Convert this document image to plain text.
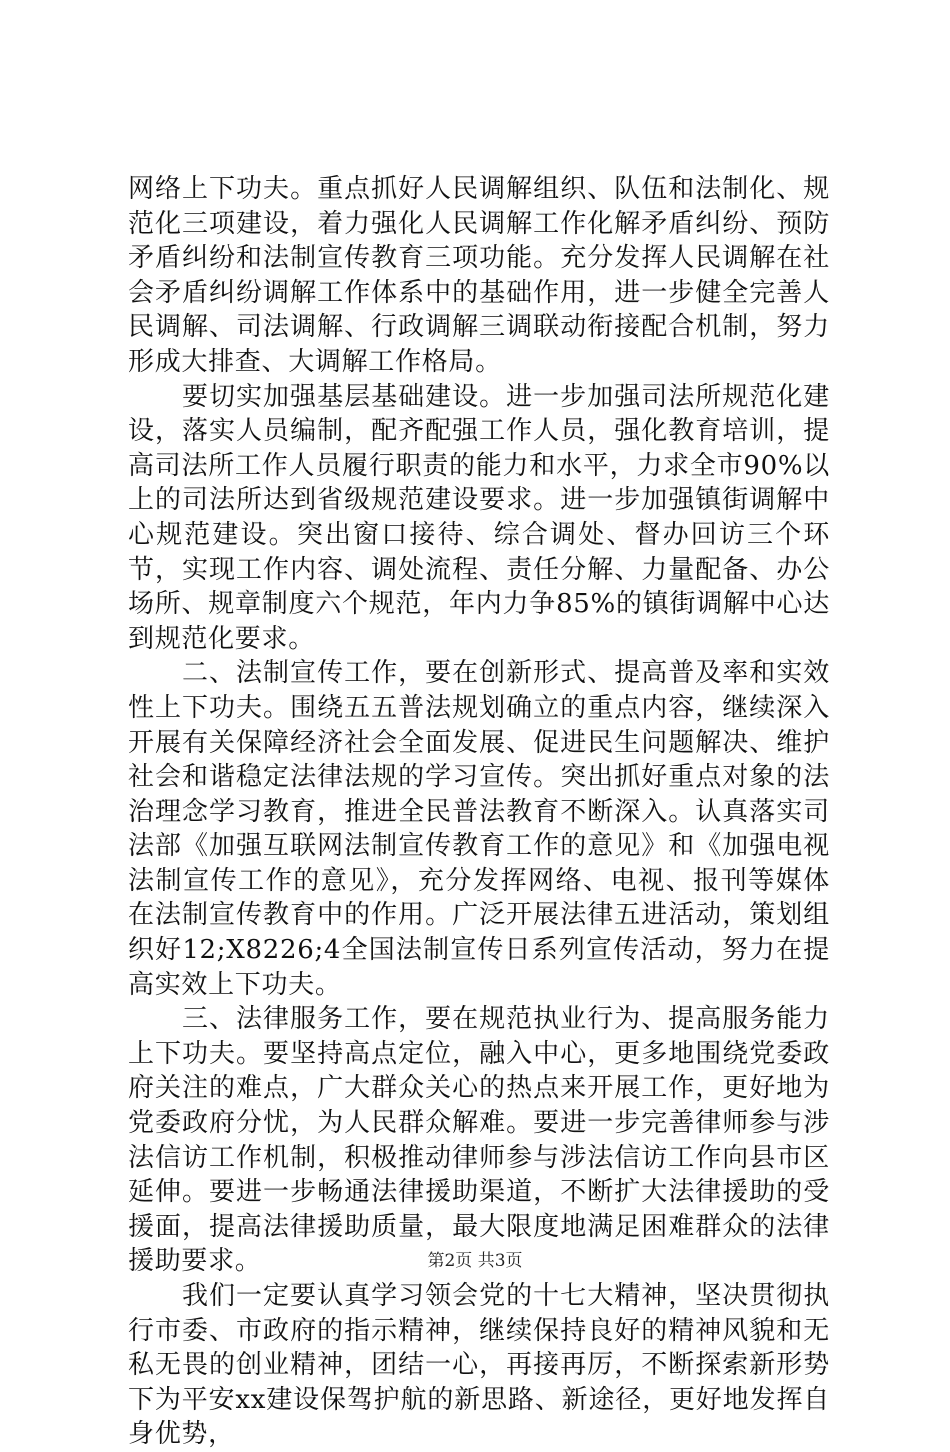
网络上下功夫。重点抓好人民调解组织、队伍和法制化、规范化三项建设，着力强化人民调解工作化解矛盾纠纷、预防矛盾纠纷和法制宣传教育三项功能。充分发挥人民调解在社会矛盾纠纷调解工作体系中的基础作用，进一步健全完善人民调解、司法调解、行政调解三调联动衔接配合机制，努力形成大排查、大调解工作格局。

要切实加强基层基础建设。进一步加强司法所规范化建设，落实人员编制，配齐配强工作人员，强化教育培训，提高司法所工作人员履行职责的能力和水平，力求全市90%以上的司法所达到省级规范建设要求。进一步加强镇街调解中心规范建设。突出窗口接待、综合调处、督办回访三个环节，实现工作内容、调处流程、责任分解、力量配备、办公场所、规章制度六个规范，年内力争85%的镇街调解中心达到规范化要求。

二、法制宣传工作，要在创新形式、提高普及率和实效性上下功夫。围绕五五普法规划确立的重点内容，继续深入开展有关保障经济社会全面发展、促进民生问题解决、维护社会和谐稳定法律法规的学习宣传。突出抓好重点对象的法治理念学习教育，推进全民普法教育不断深入。认真落实司法部《加强互联网法制宣传教育工作的意见》和《加强电视法制宣传工作的意见》，充分发挥网络、电视、报刊等媒体在法制宣传教育中的作用。广泛开展法律五进活动，策划组织好12;X8226;4全国法制宣传日系列宣传活动，努力在提高实效上下功夫。

三、法律服务工作，要在规范执业行为、提高服务能力上下功夫。要坚持高点定位，融入中心，更多地围绕党委政府关注的难点，广大群众关心的热点来开展工作，更好地为党委政府分忧，为人民群众解难。要进一步完善律师参与涉法信访工作机制，积极推动律师参与涉法信访工作向县市区延伸。要进一步畅通法律援助渠道，不断扩大法律援助的受援面，提高法律援助质量，最大限度地满足困难群众的法律援助要求。

我们一定要认真学习领会党的十七大精神，坚决贯彻执行市委、市政府的指示精神，继续保持良好的精神风貌和无私无畏的创业精神，团结一心，再接再厉，不断探索新形势下为平安xx建设保驾护航的新思路、新途径，更好地发挥自身优势，

第2页 共3页
